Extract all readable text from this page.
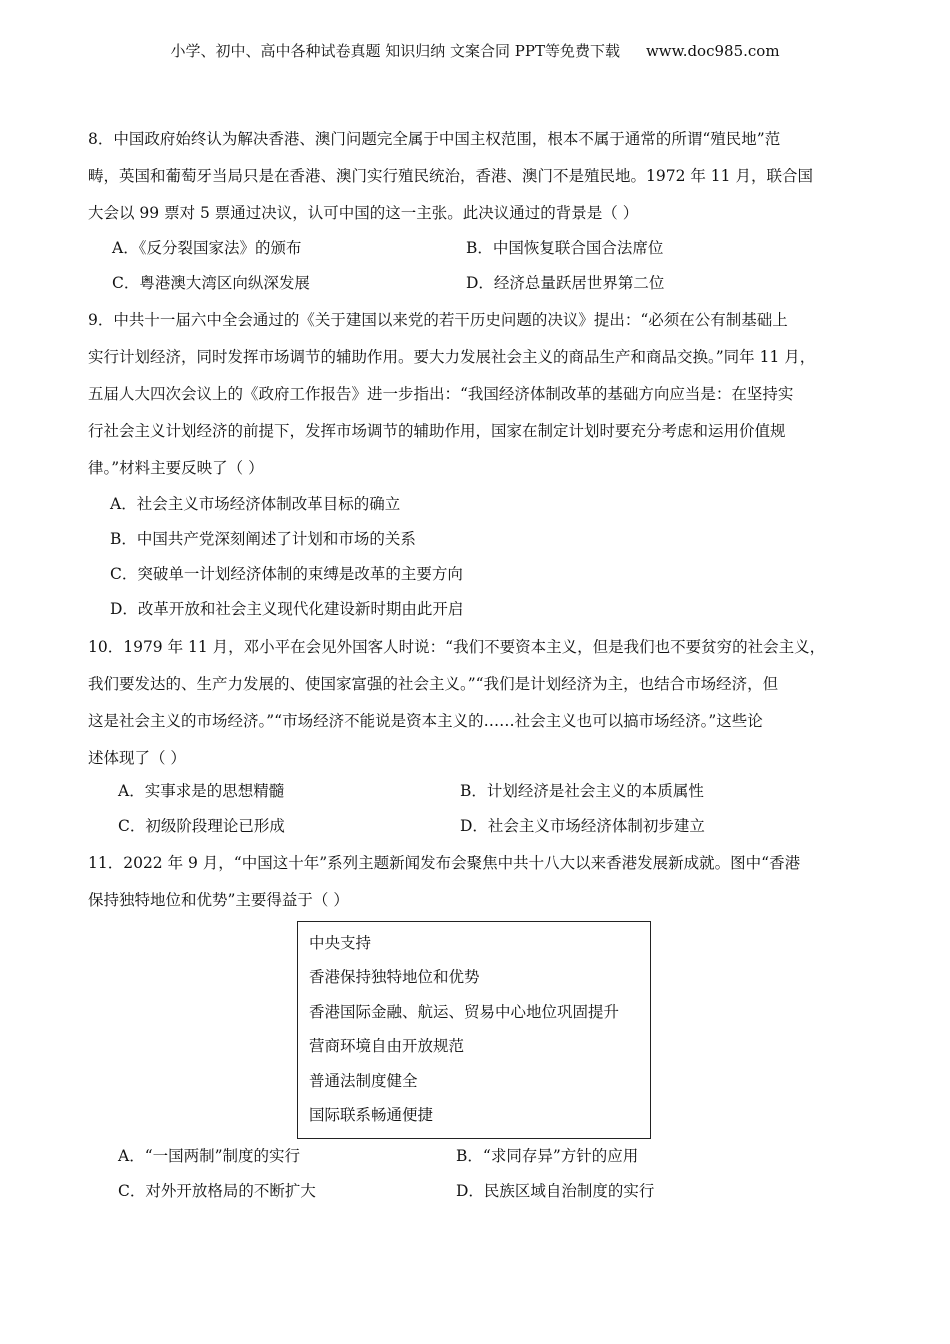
小学、初中、高中各种试卷真题 知识归纳 文案合同 PPT等免费下载 www.doc985.com
8．中国政府始终认为解决香港、澳门问题完全属于中国主权范围，根本不属于通常的所谓“殖民地”范
畴，英国和葡萄牙当局只是在香港、澳门实行殖民统治，香港、澳门不是殖民地。1972 年 11 月，联合国
大会以 99 票对 5 票通过决议，认可中国的这一主张。此决议通过的背景是（ ）
A．《反分裂国家法》的颁布	B．中国恢复联合国合法席位
C．粤港澳大湾区向纵深发展	D．经济总量跃居世界第二位
9．中共十一届六中全会通过的《关于建国以来党的若干历史问题的决议》提出：“必须在公有制基础上
实行计划经济，同时发挥市场调节的辅助作用。要大力发展社会主义的商品生产和商品交换。”同年 11 月，
五届人大四次会议上的《政府工作报告》进一步指出：“我国经济体制改革的基础方向应当是：在坚持实
行社会主义计划经济的前提下，发挥市场调节的辅助作用，国家在制定计划时要充分考虑和运用价值规
律。”材料主要反映了（ ）
A．社会主义市场经济体制改革目标的确立
B．中国共产党深刻阐述了计划和市场的关系
C．突破单一计划经济体制的束缚是改革的主要方向
D．改革开放和社会主义现代化建设新时期由此开启
10．1979 年 11 月，邓小平在会见外国客人时说：“我们不要资本主义，但是我们也不要贫穷的社会主义，
我们要发达的、生产力发展的、使国家富强的社会主义。”“我们是计划经济为主，也结合市场经济，但
这是社会主义的市场经济。”“市场经济不能说是资本主义的……社会主义也可以搞市场经济。”这些论
述体现了（ ）
A．实事求是的思想精髓	B．计划经济是社会主义的本质属性
C．初级阶段理论已形成	D．社会主义市场经济体制初步建立
11．2022 年 9 月，“中国这十年”系列主题新闻发布会聚焦中共十八大以来香港发展新成就。图中“香港
保持独特地位和优势”主要得益于（ ）
中央支持
香港保持独特地位和优势
香港国际金融、航运、贸易中心地位巩固提升
营商环境自由开放规范
普通法制度健全
国际联系畅通便捷
A．“一国两制”制度的实行	B．“求同存异”方针的应用
C．对外开放格局的不断扩大	D．民族区域自治制度的实行
